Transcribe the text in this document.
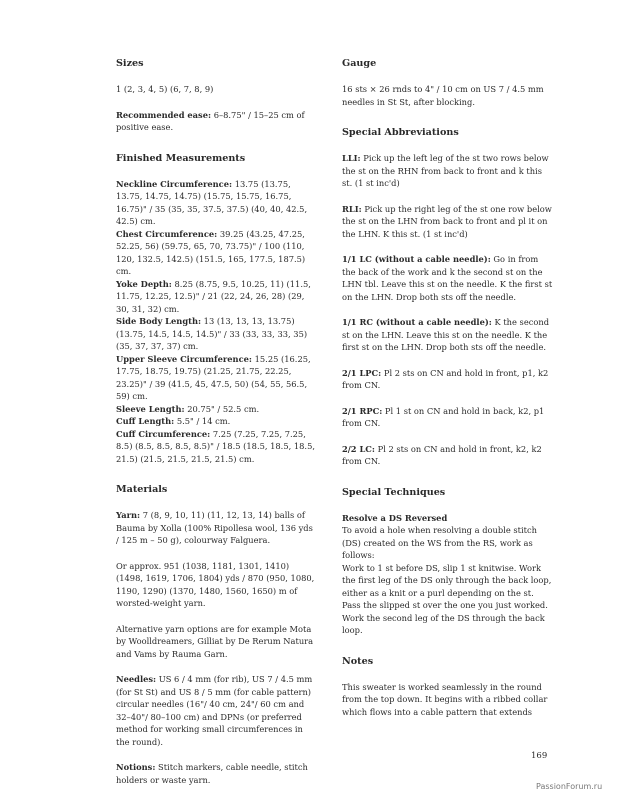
Sizes
1 (2, 3, 4, 5) (6, 7, 8, 9)
Recommended ease: 6–8.75" / 15–25 cm of positive ease.
Finished Measurements
Neckline Circumference: 13.75 (13.75, 13.75, 14.75, 14.75) (15.75, 15.75, 16.75, 16.75)" / 35 (35, 35, 37.5, 37.5) (40, 40, 42.5, 42.5) cm.
Chest Circumference: 39.25 (43.25, 47.25, 52.25, 56) (59.75, 65, 70, 73.75)" / 100 (110, 120, 132.5, 142.5) (151.5, 165, 177.5, 187.5) cm.
Yoke Depth: 8.25 (8.75, 9.5, 10.25, 11) (11.5, 11.75, 12.25, 12.5)" / 21 (22, 24, 26, 28) (29, 30, 31, 32) cm.
Side Body Length: 13 (13, 13, 13, 13.75) (13.75, 14.5, 14.5, 14.5)" / 33 (33, 33, 33, 35) (35, 37, 37, 37) cm.
Upper Sleeve Circumference: 15.25 (16.25, 17.75, 18.75, 19.75) (21.25, 21.75, 22.25, 23.25)" / 39 (41.5, 45, 47.5, 50) (54, 55, 56.5, 59) cm.
Sleeve Length: 20.75" / 52.5 cm.
Cuff Length: 5.5" / 14 cm.
Cuff Circumference: 7.25 (7.25, 7.25, 7.25, 8.5) (8.5, 8.5, 8.5, 8.5)" / 18.5 (18.5, 18.5, 18.5, 21.5) (21.5, 21.5, 21.5, 21.5) cm.
Materials
Yarn: 7 (8, 9, 10, 11) (11, 12, 13, 14) balls of Bauma by Xolla (100% Ripollesa wool, 136 yds / 125 m – 50 g), colourway Falguera.
Or approx. 951 (1038, 1181, 1301, 1410) (1498, 1619, 1706, 1804) yds / 870 (950, 1080, 1190, 1290) (1370, 1480, 1560, 1650) m of worsted-weight yarn.
Alternative yarn options are for example Mota by Woolldreamers, Gilliat by De Rerum Natura and Vams by Rauma Garn.
Needles: US 6 / 4 mm (for rib), US 7 / 4.5 mm (for St St) and US 8 / 5 mm (for cable pattern) circular needles (16"/ 40 cm, 24"/ 60 cm and 32–40"/ 80–100 cm) and DPNs (or preferred method for working small circumferences in the round).
Notions: Stitch markers, cable needle, stitch holders or waste yarn.
Gauge
16 sts × 26 rnds to 4" / 10 cm on US 7 / 4.5 mm needles in St St, after blocking.
Special Abbreviations
LLI: Pick up the left leg of the st two rows below the st on the RHN from back to front and k this st. (1 st inc'd)
RLI: Pick up the right leg of the st one row below the st on the LHN from back to front and pl it on the LHN. K this st. (1 st inc'd)
1/1 LC (without a cable needle): Go in from the back of the work and k the second st on the LHN tbl. Leave this st on the needle. K the first st on the LHN. Drop both sts off the needle.
1/1 RC (without a cable needle): K the second st on the LHN. Leave this st on the needle. K the first st on the LHN. Drop both sts off the needle.
2/1 LPC: Pl 2 sts on CN and hold in front, p1, k2 from CN.
2/1 RPC: Pl 1 st on CN and hold in back, k2, p1 from CN.
2/2 LC: Pl 2 sts on CN and hold in front, k2, k2 from CN.
Special Techniques
Resolve a DS Reversed
To avoid a hole when resolving a double stitch (DS) created on the WS from the RS, work as follows:
Work to 1 st before DS, slip 1 st knitwise. Work the first leg of the DS only through the back loop, either as a knit or a purl depending on the st. Pass the slipped st over the one you just worked. Work the second leg of the DS through the back loop.
Notes
This sweater is worked seamlessly in the round from the top down. It begins with a ribbed collar which flows into a cable pattern that extends
169
PassionForum.ru
